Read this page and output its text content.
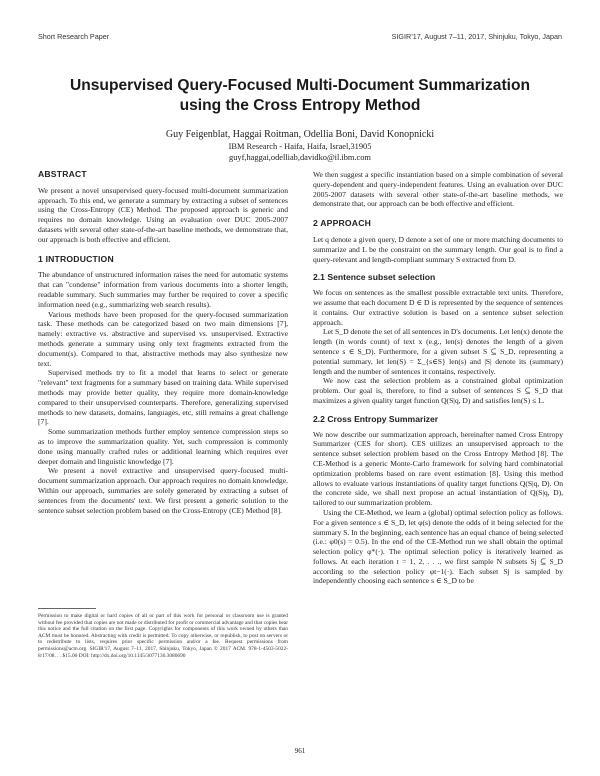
Short Research Paper	SIGIR’17, August 7–11, 2017, Shinjuku, Tokyo, Japan
Unsupervised Query-Focused Multi-Document Summarization
using the Cross Entropy Method
Guy Feigenblat, Haggai Roitman, Odellia Boni, David Konopnicki
IBM Research - Haifa, Haifa, Israel,31905
guyf,haggai,odelliab,davidko@il.ibm.com
ABSTRACT

We present a novel unsupervised query-focused multi-document summarization approach. To this end, we generate a summary by extracting a subset of sentences using the Cross-Entropy (CE) Method. The proposed approach is generic and requires no domain knowledge. Using an evaluation over DUC 2005-2007 datasets with several other state-of-the-art baseline methods, we demonstrate that, our approach is both effective and efficient.

1 INTRODUCTION

The abundance of unstructured information raises the need for automatic systems that can "condense" information from various documents into a shorter length, readable summary. Such summaries may further be required to cover a specific information need (e.g., summarizing web search results).

Various methods have been proposed for the query-focused summarization task. These methods can be categorized based on two main dimensions [7], namely: extractive vs. abstractive and supervised vs. unsupervised. Extractive methods generate a summary using only text fragments extracted from the document(s). Compared to that, abstractive methods may also synthesize new text.

Supervised methods try to fit a model that learns to select or generate "relevant" text fragments for a summary based on training data. While supervised methods may provide better quality, they require more domain-knowledge compared to their unsupervised counterparts. Therefore, generalizing supervised methods to new datasets, domains, languages, etc, still remains a great challenge [7].

Some summarization methods further employ sentence compression steps so as to improve the summarization quality. Yet, such compression is commonly done using manually crafted rules or additional learning which requires ever deeper domain and linguistic knowledge [7].

We present a novel extractive and unsupervised query-focused multi-document summarization approach. Our approach requires no domain knowledge. Within our approach, summaries are solely generated by extracting a subset of sentences from the documents' text. We first present a generic solution to the sentence subset selection problem based on the Cross-Entropy (CE) Method [8].

Permission to make digital or hard copies of all or part of this work for personal or classroom use is granted without fee provided that copies are not made or distributed for profit or commercial advantage and that copies bear this notice and the full citation on the first page. Copyrights for components of this work owned by others than ACM must be honored. Abstracting with credit is permitted. To copy otherwise, or republish, to post on servers or to redistribute to lists, requires prior specific permission and/or a fee. Request permissions from permissions@acm.org. SIGIR'17, August 7–11, 2017, Shinjuku, Tokyo, Japan © 2017 ACM. 978-1-4503-5022-8/17/08. . . $15.00 DOI: http://dx.doi.org/10.1145/3077136.3080690

We then suggest a specific instantiation based on a simple combination of several query-dependent and query-independent features. Using an evaluation over DUC 2005-2007 datasets with several other state-of-the-art baseline methods, we demonstrate that, our approach can be both effective and efficient.

2 APPROACH

Let q denote a given query, D denote a set of one or more matching documents to summarize and L be the constraint on the summary length. Our goal is to find a query-relevant and length-compliant summary S extracted from D.

2.1 Sentence subset selection

We focus on sentences as the smallest possible extractable text units. Therefore, we assume that each document D ∈ D is represented by the sequence of sentences it contains. Our extractive solution is based on a sentence subset selection approach.

Let S_D denote the set of all sentences in D's documents. Let len(x) denote the length (in words count) of text x (e.g., len(s) denotes the length of a given sentence s ∈ S_D). Furthermore, for a given subset S ⊆ S_D, representing a potential summary, let len(S) = Σ_{s∈S} len(s) and |S| denote its (summary) length and the number of sentences it contains, respectively.

We now cast the selection problem as a constrained global optimization problem. Our goal is, therefore, to find a subset of sentences S ⊆ S_D that maximizes a given quality target function Q(S|q, D) and satisfies len(S) ≤ L.

2.2 Cross Entropy Summarizer

We now describe our summarization approach, hereinafter named Cross Entropy Summarizer (CES for short). CES utilizes an unsupervised approach to the sentence subset selection problem based on the Cross Entropy Method [8]. The CE-Method is a generic Monte-Carlo framework for solving hard combinatorial optimization problems based on rare event estimation [8]. Using this method allows to evaluate various instantiations of quality target functions Q(S|q, D). On the concrete side, we shall next propose an actual instantiation of Q(S|q, D), tailored to our summarization problem.

Using the CE-Method, we learn a (global) optimal selection policy as follows. For a given sentence s ∈ S_D, let φ(s) denote the odds of it being selected for the summary S. In the beginning, each sentence has an equal chance of being selected (i.e.: φ0(s) = 0.5). In the end of the CE-Method run we shall obtain the optimal selection policy φ*(·). The optimal selection policy is iteratively learned as follows. At each iteration t = 1, 2, . . ., we first sample N subsets Sj ⊆ S_D according to the selection policy φt−1(·). Each subset Sj is sampled by independently choosing each sentence s ∈ S_D to be

961
